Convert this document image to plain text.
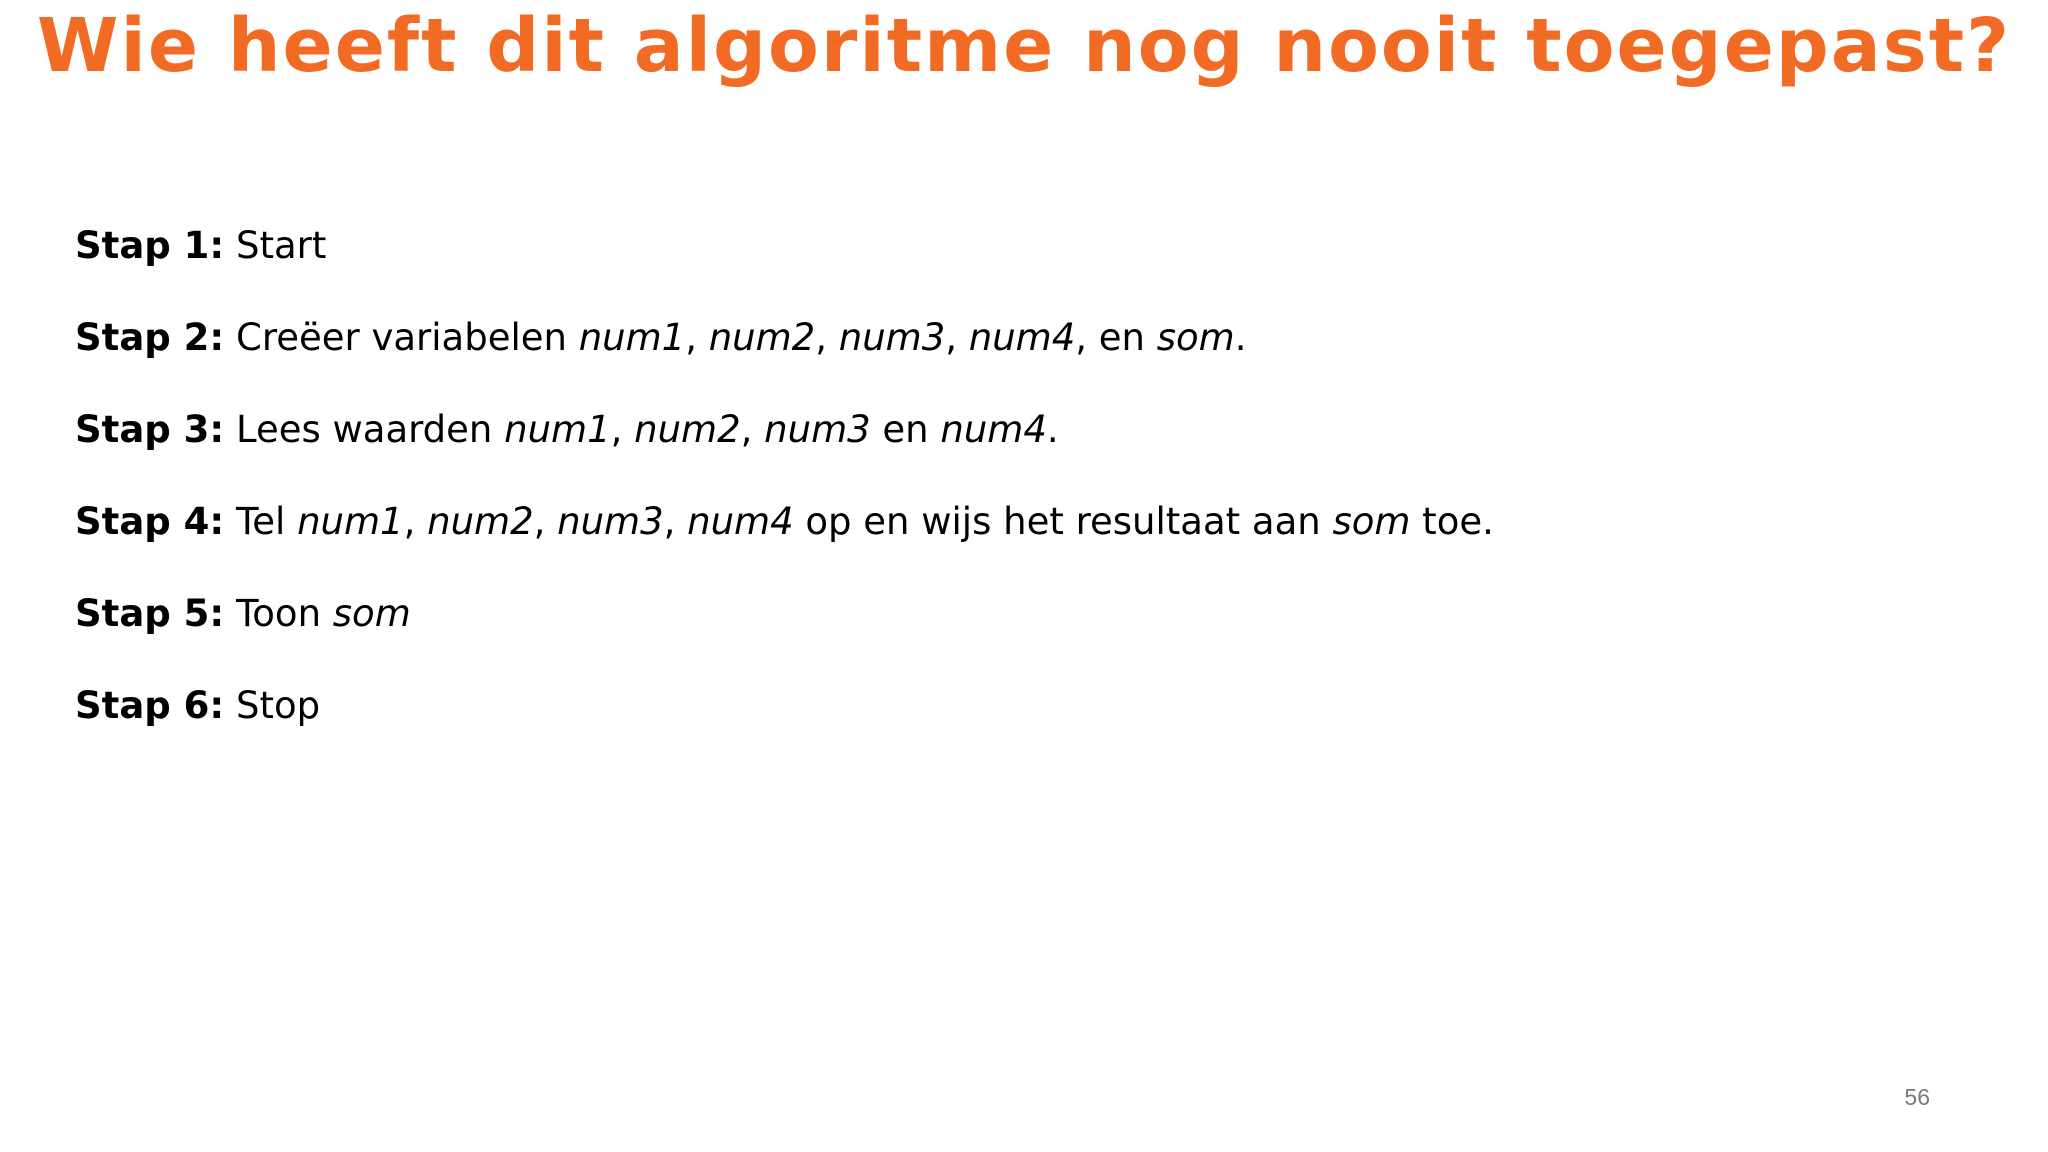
Wie heeft dit algoritme nog nooit toegepast?
Stap 1: Start
Stap 2: Creëer variabelen num1, num2, num3, num4, en som.
Stap 3: Lees waarden num1, num2, num3 en num4.
Stap 4: Tel num1, num2, num3, num4 op en wijs het resultaat aan som toe.
Stap 5: Toon som
Stap 6: Stop
56
